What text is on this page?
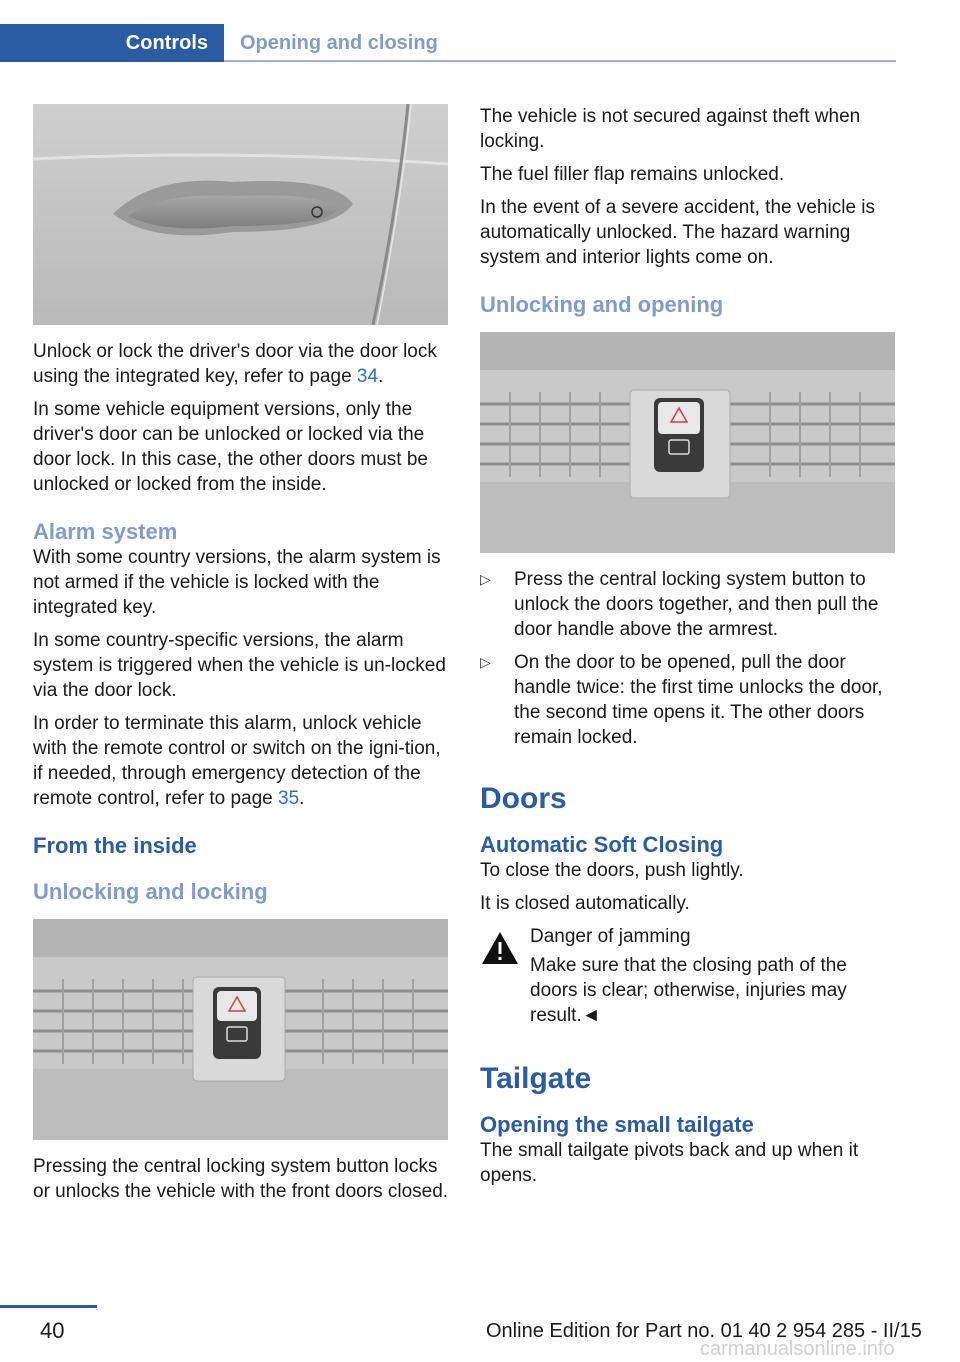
Controls	Opening and closing

Unlock or lock the driver's door via the door lock using the integrated key, refer to page 34.

In some vehicle equipment versions, only the driver's door can be unlocked or locked via the door lock. In this case, the other doors must be unlocked or locked from the inside.

Alarm system

With some country versions, the alarm system is not armed if the vehicle is locked with the integrated key.

In some country-specific versions, the alarm system is triggered when the vehicle is un-locked via the door lock.

In order to terminate this alarm, unlock vehicle with the remote control or switch on the igni-tion, if needed, through emergency detection of the remote control, refer to page 35.

From the inside
Unlocking and locking

Pressing the central locking system button locks or unlocks the vehicle with the front doors closed.

The vehicle is not secured against theft when locking.

The fuel filler flap remains unlocked.

In the event of a severe accident, the vehicle is automatically unlocked. The hazard warning system and interior lights come on.

Unlocking and opening
▷ Press the central locking system button to unlock the doors together, and then pull the door handle above the armrest.
▷ On the door to be opened, pull the door handle twice: the first time unlocks the door, the second time opens it. The other doors remain locked.
Doors
Automatic Soft Closing

To close the doors, push lightly.

It is closed automatically.

Danger of jamming

Make sure that the closing path of the doors is clear; otherwise, injuries may result.◄

Tailgate
Opening the small tailgate

The small tailgate pivots back and up when it opens.

40	Online Edition for Part no. 01 40 2 954 285 - II/15
carmanualsonline.info
